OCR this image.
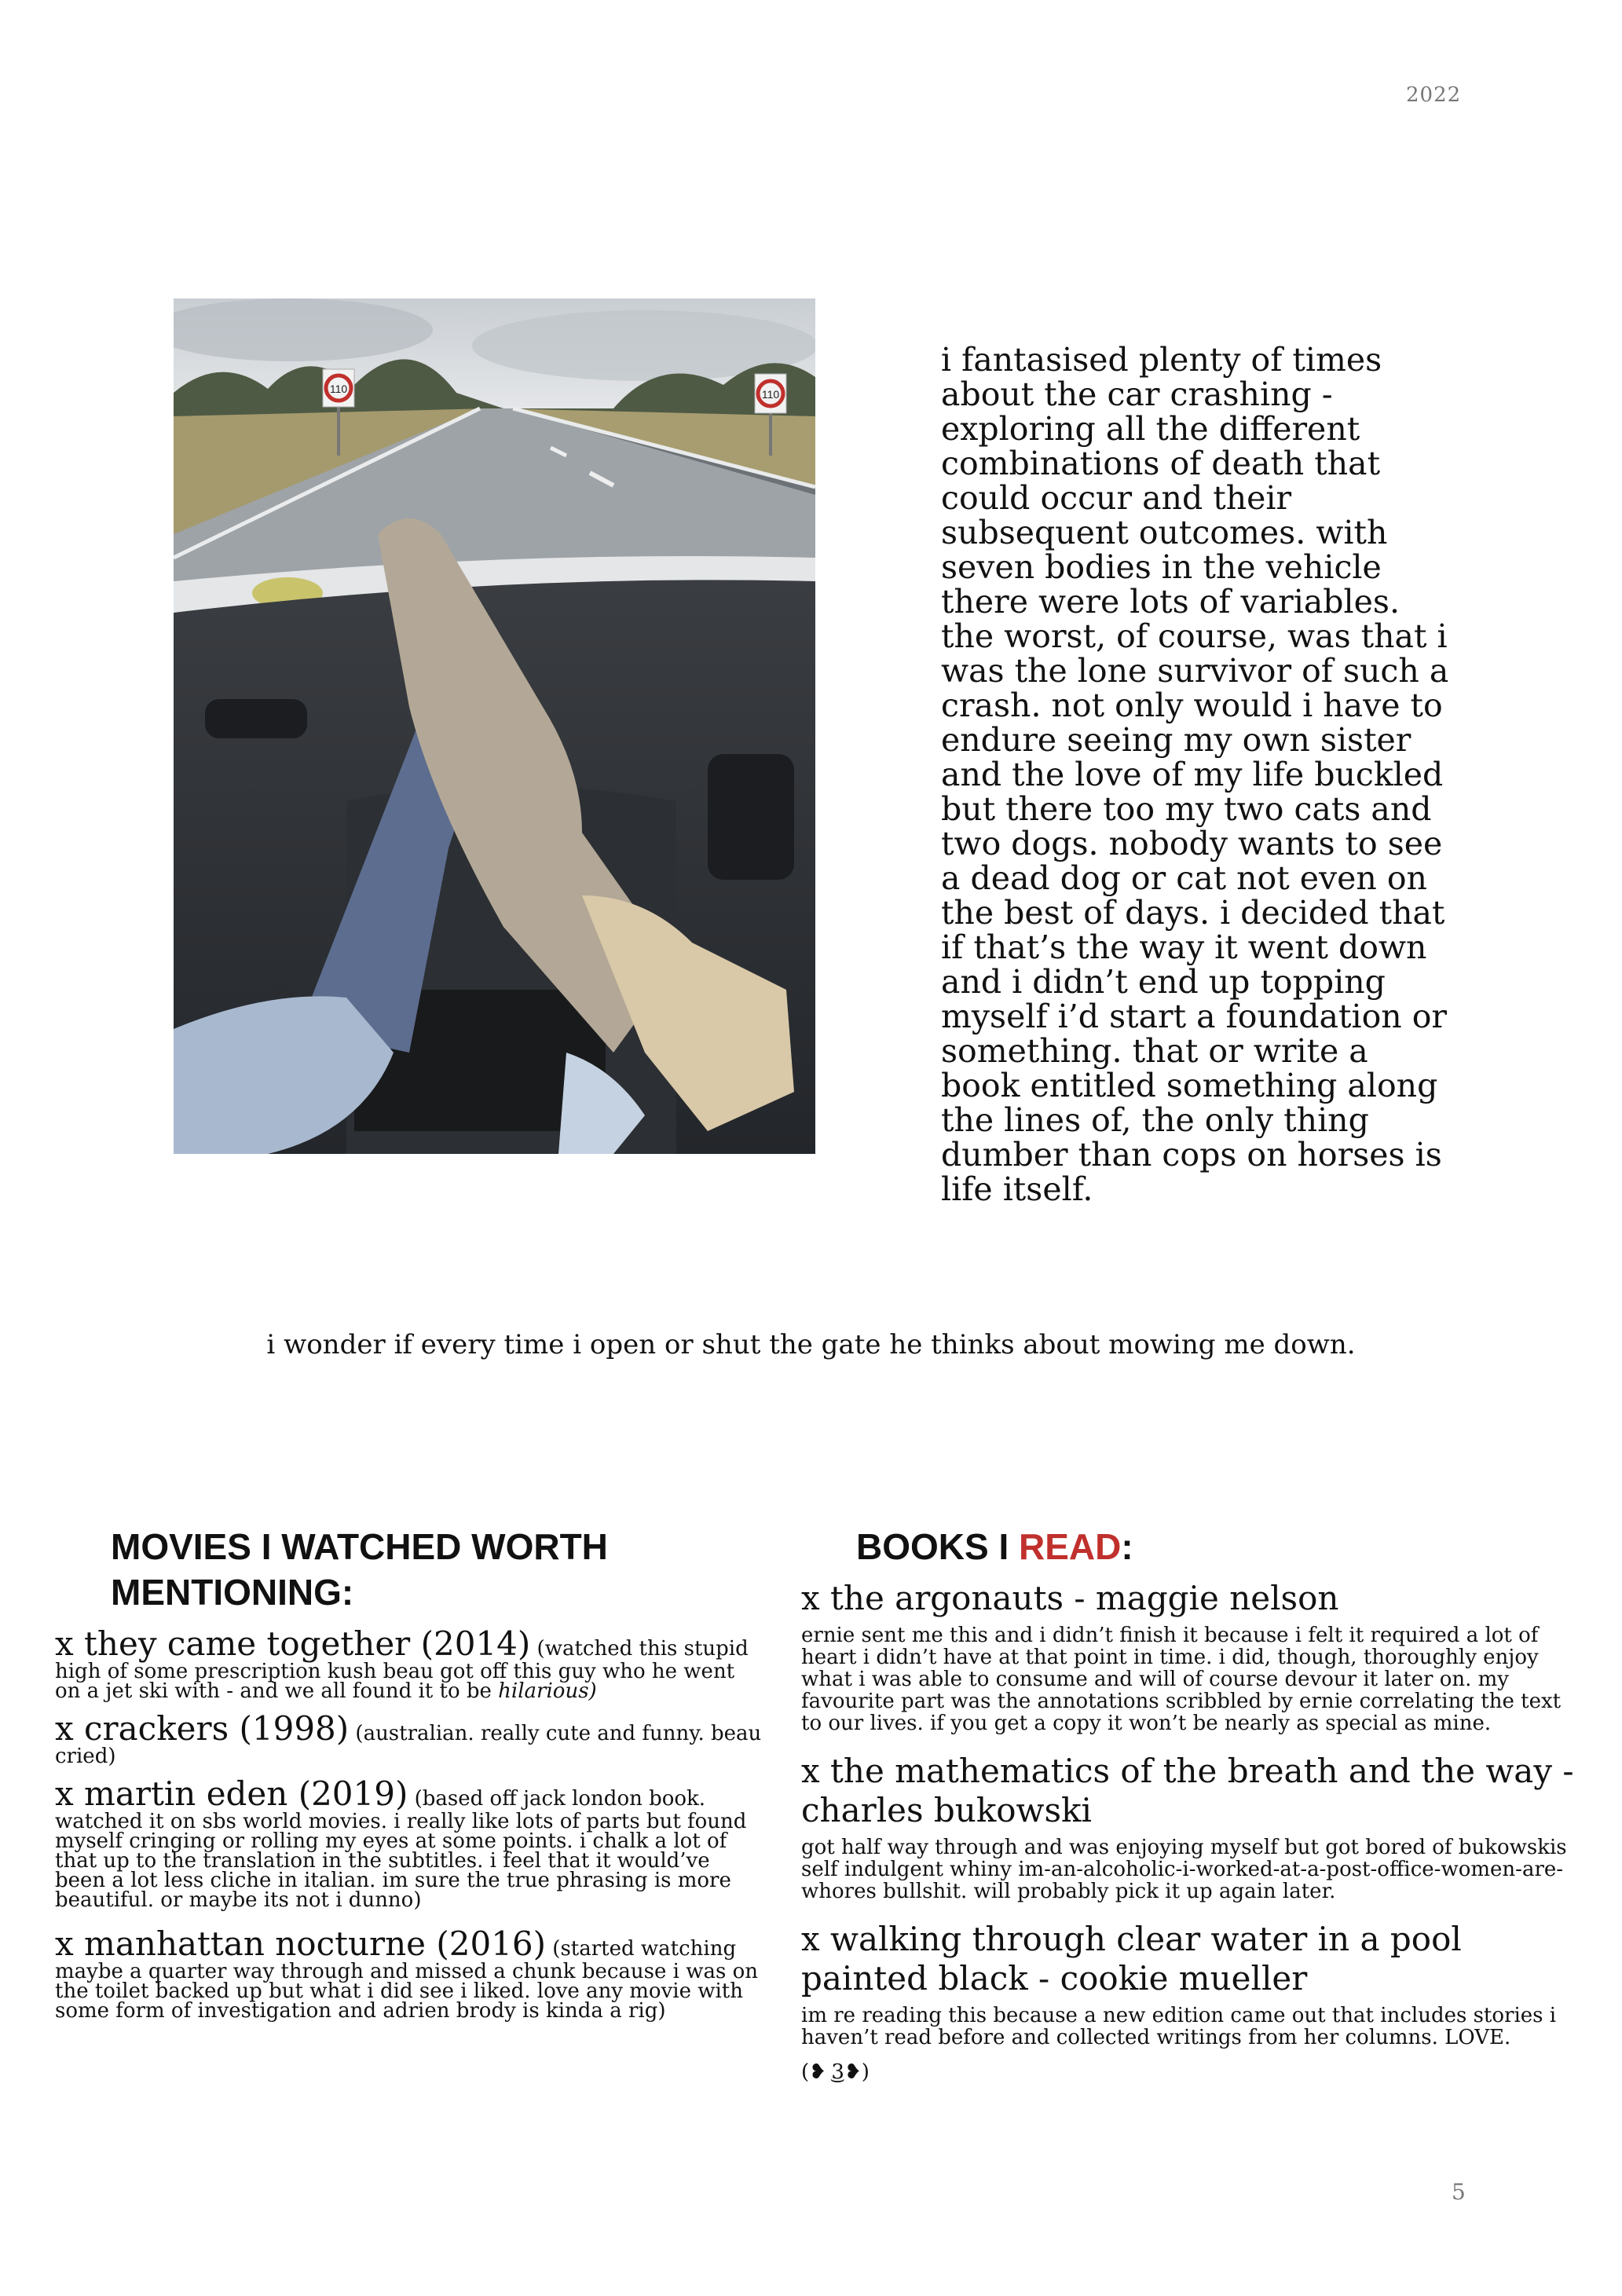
2022
110	110
i fantasised plenty of times about the car crashing - exploring all the different combinations of death that could occur and their subsequent outcomes. with seven bodies in the vehicle there were lots of variables. the worst, of course, was that i was the lone survivor of such a crash. not only would i have to endure seeing my own sister and the love of my life buckled but there too my two cats and two dogs. nobody wants to see a dead dog or cat not even on the best of days. i decided that if that’s the way it went down and i didn’t end up topping myself i’d start a foundation or something. that or write a book entitled something along the lines of, the only thing dumber than cops on horses is life itself.
i wonder if every time i open or shut the gate he thinks about mowing me down.
MOVIES I WATCHED WORTH MENTIONING:
BOOKS I READ:
x they came together (2014) (watched this stupid high of some prescription kush beau got off this guy who he went on a jet ski with - and we all found it to be hilarious)
x crackers (1998) (australian. really cute and funny. beau cried)
x martin eden (2019) (based off jack london book. watched it on sbs world movies. i really like lots of parts but found myself cringing or rolling my eyes at some points. i chalk a lot of that up to the translation in the subtitles. i feel that it would’ve been a lot less cliche in italian. im sure the true phrasing is more beautiful. or maybe its not i dunno)
x manhattan nocturne (2016) (started watching maybe a quarter way through and missed a chunk because i was on the toilet backed up but what i did see i liked. love any movie with some form of investigation and adrien brody is kinda a rig)
x the argonauts - maggie nelson
ernie sent me this and i didn’t finish it because i felt it required a lot of heart i didn’t have at that point in time. i did, though, thoroughly enjoy what i was able to consume and will of course devour it later on. my favourite part was the annotations scribbled by ernie correlating the text to our lives. if you get a copy it won’t be nearly as special as mine.
x the mathematics of the breath and the way - charles bukowski
got half way through and was enjoying myself but got bored of bukowskis self indulgent whiny im-an-alcoholic-i-worked-at-a-post-office-women-are-whores bullshit. will probably pick it up again later.
x walking through clear water in a pool painted black - cookie mueller
im re reading this because a new edition came out that includes stories i haven’t read before and collected writings from her columns. LOVE.
(❥ ͜3❥)
5
